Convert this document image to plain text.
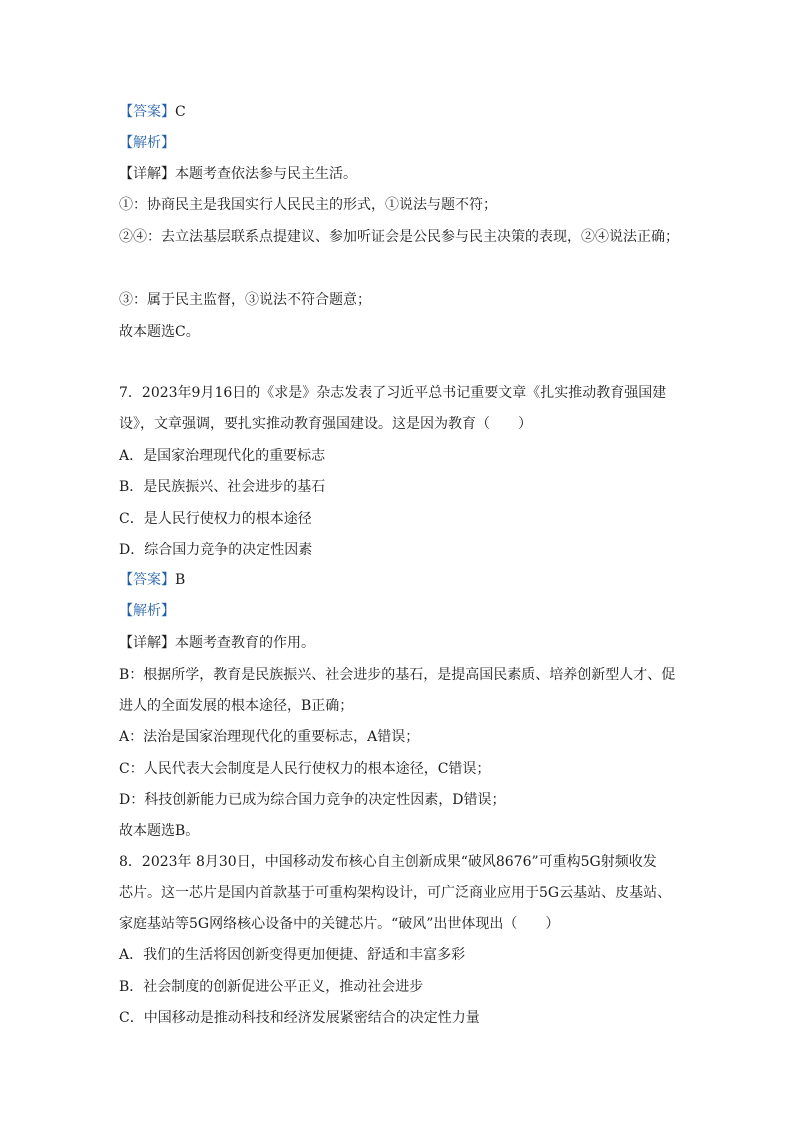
【答案】C
【解析】
【详解】本题考查依法参与民主生活。
①：协商民主是我国实行人民民主的形式，①说法与题不符；
②④：去立法基层联系点提建议、参加听证会是公民参与民主决策的表现，②④说法正确；
③：属于民主监督，③说法不符合题意；
故本题选C。
7．2023年9月16日的《求是》杂志发表了习近平总书记重要文章《扎实推动教育强国建
设》，文章强调，要扎实推动教育强国建设。这是因为教育（　　）
A．是国家治理现代化的重要标志
B．是民族振兴、社会进步的基石
C．是人民行使权力的根本途径
D．综合国力竞争的决定性因素
【答案】B
【解析】
【详解】本题考查教育的作用。
B：根据所学，教育是民族振兴、社会进步的基石，是提高国民素质、培养创新型人才、促
进人的全面发展的根本途径，B正确；
A：法治是国家治理现代化的重要标志，A错误；
C：人民代表大会制度是人民行使权力的根本途径，C错误；
D：科技创新能力已成为综合国力竞争的决定性因素，D错误；
故本题选B。
8．2023年 8月30日，中国移动发布核心自主创新成果“破风8676”可重构5G射频收发
芯片。这一芯片是国内首款基于可重构架构设计，可广泛商业应用于5G云基站、皮基站、
家庭基站等5G网络核心设备中的关键芯片。“破风”出世体现出（　　）
A．我们的生活将因创新变得更加便捷、舒适和丰富多彩
B．社会制度的创新促进公平正义，推动社会进步
C．中国移动是推动科技和经济发展紧密结合的决定性力量
